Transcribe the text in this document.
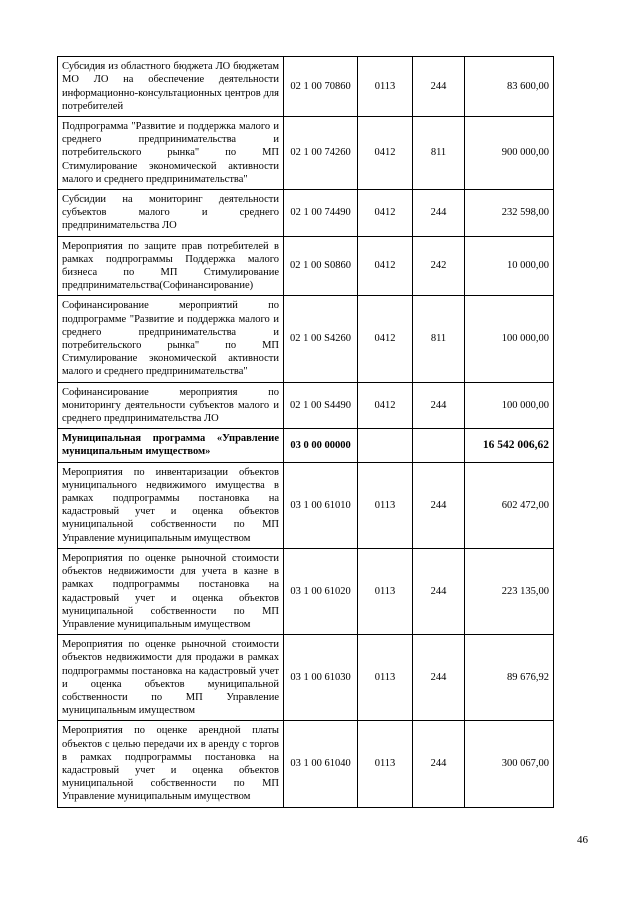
Субсидия из областного бюджета ЛО бюджетам МО ЛО на обеспечение деятельности информационно-консультационных центров для потребителей	02 1 00 70860	0113	244	83 600,00
Подпрограмма "Развитие и поддержка малого и среднего предпринимательства и потребительского рынка" по МП Стимулирование экономической активности малого и среднего предпринимательства"	02 1 00 74260	0412	811	900 000,00
Субсидии на мониторинг деятельности субъектов малого и среднего предпринимательства ЛО	02 1 00 74490	0412	244	232 598,00
Мероприятия по защите прав потребителей в рамках подпрограммы Поддержка малого бизнеса по МП Стимулирование предпринимательства(Софинансирование)	02 1 00 S0860	0412	242	10 000,00
Софинансирование мероприятий по подпрограмме "Развитие и поддержка малого и среднего предпринимательства и потребительского рынка" по МП Стимулирование экономической активности малого и среднего предпринимательства"	02 1 00 S4260	0412	811	100 000,00
Софинансирование мероприятия по мониторингу деятельности субъектов малого и среднего предпринимательства ЛО	02 1 00 S4490	0412	244	100 000,00
Муниципальная программа «Управление муниципальным имуществом»	03 0 00 00000			16 542 006,62
Мероприятия по инвентаризации объектов муниципального недвижимого имущества в рамках подпрограммы постановка на кадастровый учет и оценка объектов муниципальной собственности по МП Управление муниципальным имуществом	03 1 00 61010	0113	244	602 472,00
Мероприятия по оценке рыночной стоимости объектов недвижимости для учета в казне в рамках подпрограммы постановка на кадастровый учет и оценка объектов муниципальной собственности по МП Управление муниципальным имуществом	03 1 00 61020	0113	244	223 135,00
Мероприятия по оценке рыночной стоимости объектов недвижимости для продажи в рамках подпрограммы постановка на кадастровый учет и оценка объектов муниципальной собственности по МП Управление муниципальным имуществом	03 1 00 61030	0113	244	89 676,92
Мероприятия по оценке арендной платы объектов с целью передачи их в аренду с торгов в рамках подпрограммы постановка на кадастровый учет и оценка объектов муниципальной собственности по МП Управление муниципальным имуществом	03 1 00 61040	0113	244	300 067,00
46
